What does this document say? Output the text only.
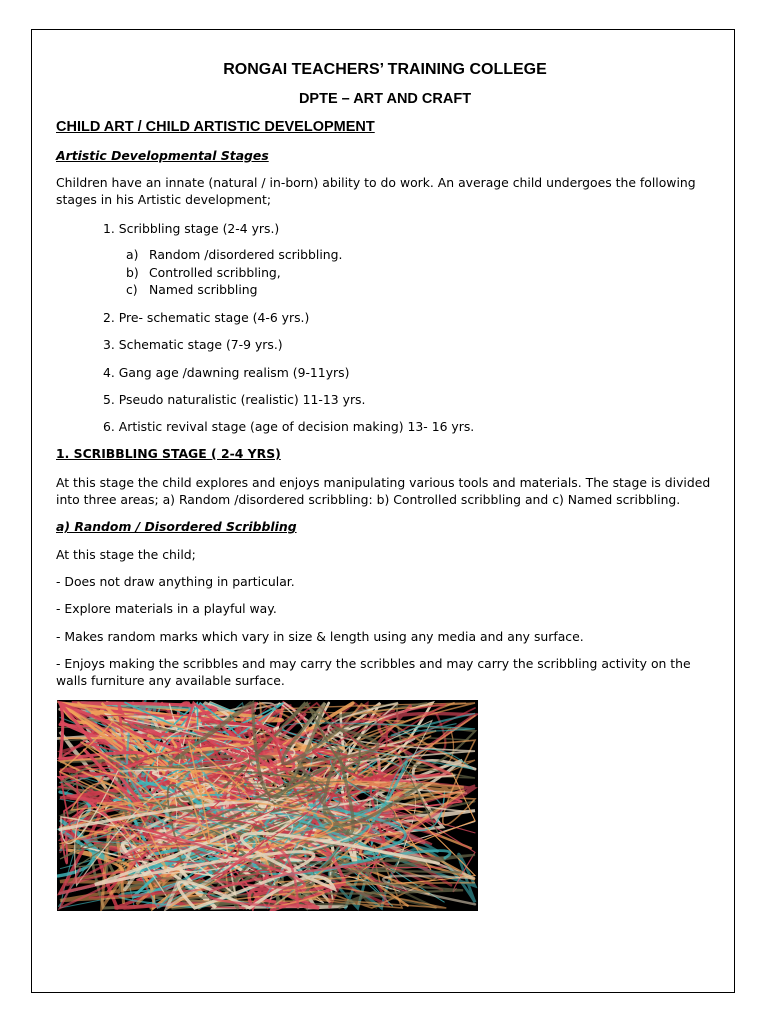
RONGAI TEACHERS’ TRAINING COLLEGE
DPTE – ART AND CRAFT
CHILD ART / CHILD ARTISTIC DEVELOPMENT
Artistic Developmental Stages
Children have an innate (natural / in-born) ability to do work. An average child undergoes the following stages in his Artistic development;
1. Scribbling stage (2-4 yrs.)
a) Random /disordered scribbling.
b) Controlled scribbling,
c) Named scribbling
2. Pre- schematic stage (4-6 yrs.)
3. Schematic stage (7-9 yrs.)
4. Gang age /dawning realism (9-11yrs)
5. Pseudo naturalistic (realistic) 11-13 yrs.
6. Artistic revival stage (age of decision making) 13- 16 yrs.
1. SCRIBBLING STAGE ( 2-4 YRS)
At this stage the child explores and enjoys manipulating various tools and materials. The stage is divided into three areas; a) Random /disordered scribbling: b) Controlled scribbling and c) Named scribbling.
a) Random / Disordered Scribbling
At this stage the child;
- Does not draw anything in particular.
- Explore materials in a playful way.
- Makes random marks which vary in size & length using any media and any surface.
- Enjoys making the scribbles and may carry the scribbles and may carry the scribbling activity on the walls furniture any available surface.
